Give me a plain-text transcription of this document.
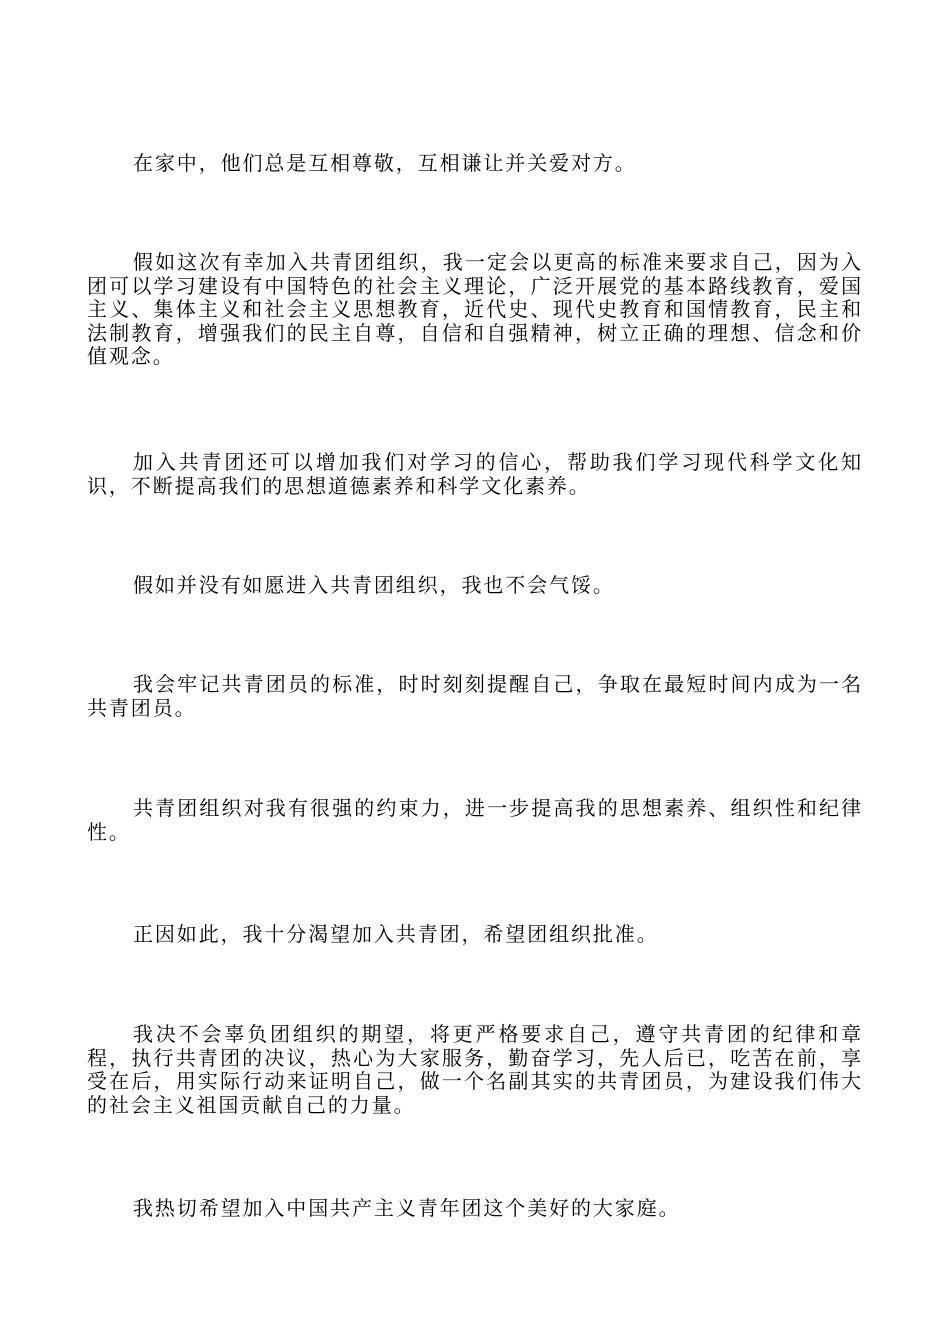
在家中，他们总是互相尊敬，互相谦让并关爱对方。

假如这次有幸加入共青团组织，我一定会以更高的标准来要求自己，因为入团可以学习建设有中国特色的社会主义理论，广泛开展党的基本路线教育，爱国主义、集体主义和社会主义思想教育，近代史、现代史教育和国情教育，民主和法制教育，增强我们的民主自尊，自信和自强精神，树立正确的理想、信念和价值观念。

加入共青团还可以增加我们对学习的信心，帮助我们学习现代科学文化知识，不断提高我们的思想道德素养和科学文化素养。

假如并没有如愿进入共青团组织，我也不会气馁。

我会牢记共青团员的标准，时时刻刻提醒自己，争取在最短时间内成为一名共青团员。

共青团组织对我有很强的约束力，进一步提高我的思想素养、组织性和纪律性。

正因如此，我十分渴望加入共青团，希望团组织批准。

我决不会辜负团组织的期望，将更严格要求自己，遵守共青团的纪律和章程，执行共青团的决议，热心为大家服务，勤奋学习，先人后已，吃苦在前，享受在后，用实际行动来证明自己，做一个名副其实的共青团员，为建设我们伟大的社会主义祖国贡献自己的力量。

我热切希望加入中国共产主义青年团这个美好的大家庭。
